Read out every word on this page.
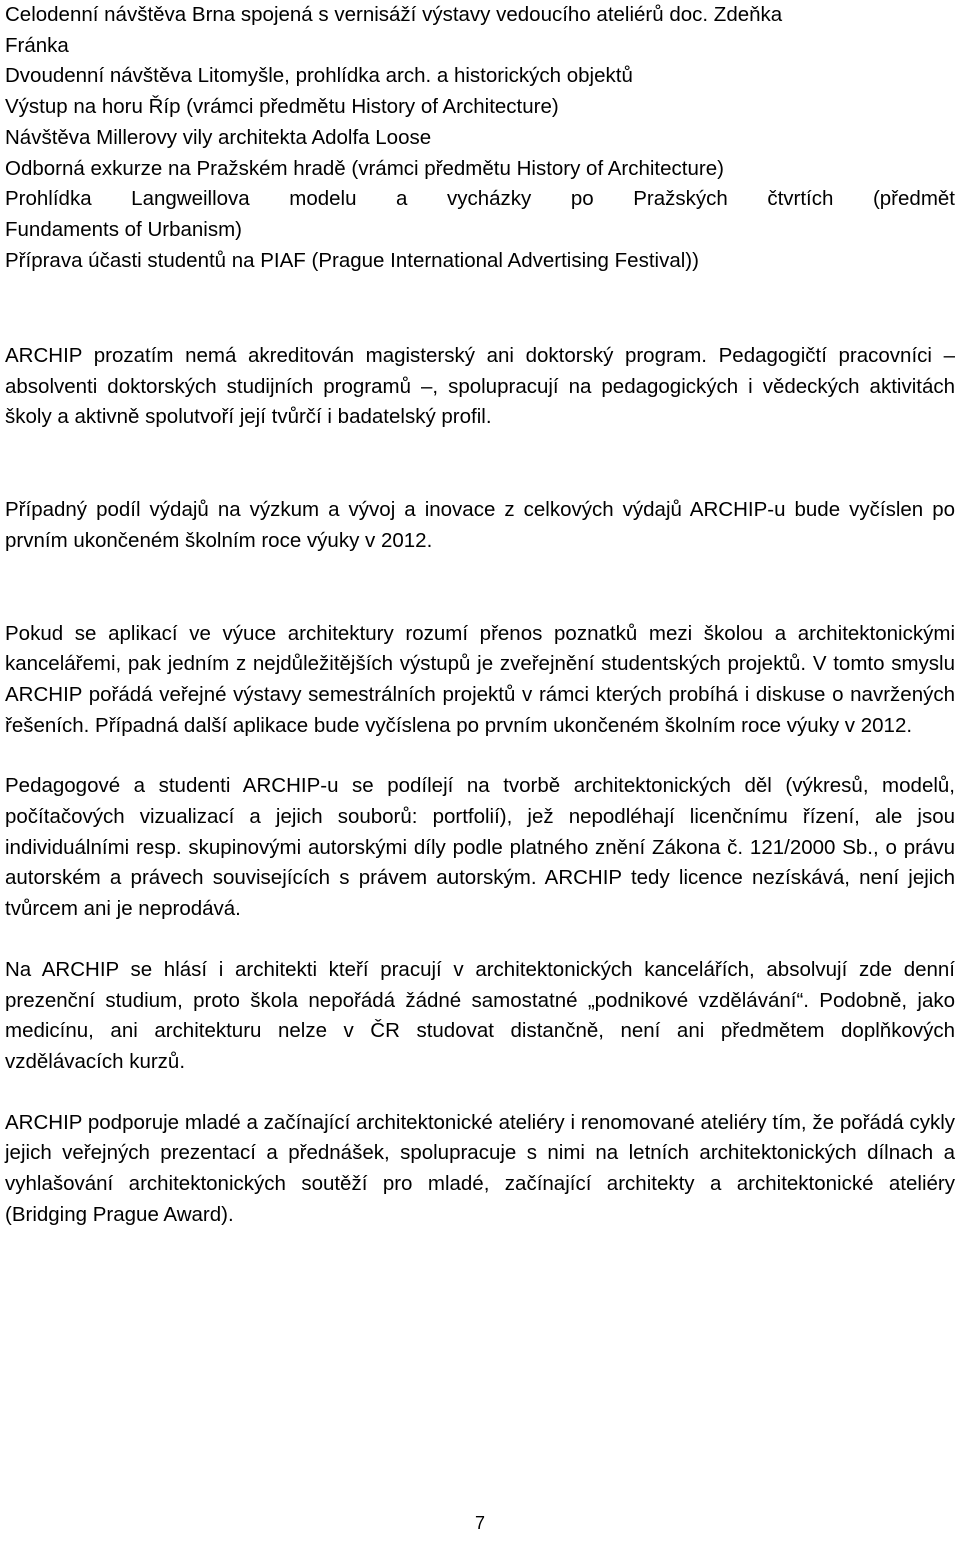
Celodenní návštěva Brna spojená s vernisáží výstavy vedoucího ateliérů doc. Zdeňka
Fránka
Dvoudenní návštěva Litomyšle, prohlídka arch. a historických objektů
Výstup na horu Říp (vrámci předmětu History of Architecture)
Návštěva Millerovy vily architekta Adolfa Loose
Odborná exkurze na Pražském hradě (vrámci předmětu History of Architecture)
Prohlídka Langweillova modelu a vycházky po Pražských čtvrtích (předmět
Fundaments of Urbanism)
Příprava účasti studentů na PIAF (Prague International Advertising Festival))

ARCHIP prozatím nemá akreditován magisterský ani doktorský program. Pedagogičtí pracovníci – absolventi doktorských studijních programů –, spolupracují na pedagogických i vědeckých aktivitách školy a aktivně spolutvoří její tvůrčí i badatelský profil.

Případný podíl výdajů na výzkum a vývoj a inovace z celkových výdajů ARCHIP-u bude vyčíslen po prvním ukončeném školním roce výuky v 2012.

Pokud se aplikací ve výuce architektury rozumí přenos poznatků mezi školou a architektonickými kancelářemi, pak jedním z nejdůležitějších výstupů je zveřejnění studentských projektů. V tomto smyslu ARCHIP pořádá veřejné výstavy semestrálních projektů v rámci kterých probíhá i diskuse o navržených řešeních. Případná další aplikace bude vyčíslena po prvním ukončeném školním roce výuky v 2012.

Pedagogové a studenti ARCHIP-u se podílejí na tvorbě architektonických děl (výkresů, modelů, počítačových vizualizací a jejich souborů: portfolií), jež nepodléhají licenčnímu řízení, ale jsou individuálními resp. skupinovými autorskými díly podle platného znění Zákona č. 121/2000 Sb., o právu autorském a právech souvisejících s právem autorským. ARCHIP tedy licence nezískává, není jejich tvůrcem ani je neprodává.

Na ARCHIP se hlásí i architekti kteří pracují v architektonických kancelářích, absolvují zde denní prezenční studium, proto škola nepořádá žádné samostatné „podnikové vzdělávání“. Podobně, jako medicínu, ani architekturu nelze v ČR studovat distančně, není ani předmětem doplňkových vzdělávacích kurzů.

ARCHIP podporuje mladé a začínající architektonické ateliéry i renomované ateliéry tím, že pořádá cykly jejich veřejných prezentací a přednášek, spolupracuje s nimi na letních architektonických dílnach a vyhlašování architektonických soutěží pro mladé, začínající architekty a architektonické ateliéry (Bridging Prague Award).

7
